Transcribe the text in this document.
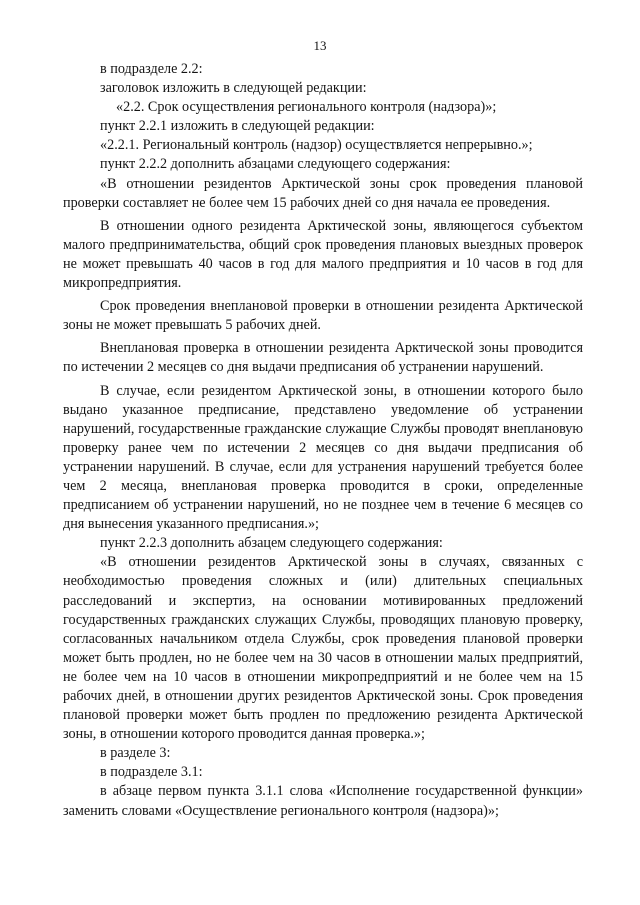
13

в подразделе 2.2:

заголовок изложить в следующей редакции:

«2.2. Срок осуществления регионального контроля (надзора)»;

пункт 2.2.1 изложить в следующей редакции:

«2.2.1. Региональный контроль (надзор) осуществляется непрерывно.»;

пункт 2.2.2 дополнить абзацами следующего содержания:

«В отношении резидентов Арктической зоны срок проведения плановой проверки составляет не более чем 15 рабочих дней со дня начала ее проведения.

В отношении одного резидента Арктической зоны, являющегося субъектом малого предпринимательства, общий срок проведения плановых выездных проверок не может превышать 40 часов в год для малого предприятия и 10 часов в год для микропредприятия.

Срок проведения внеплановой проверки в отношении резидента Арктической зоны не может превышать 5 рабочих дней.

Внеплановая проверка в отношении резидента Арктической зоны проводится по истечении 2 месяцев со дня выдачи предписания об устранении нарушений.

В случае, если резидентом Арктической зоны, в отношении которого было выдано указанное предписание, представлено уведомление об устранении нарушений, государственные гражданские служащие Службы проводят внеплановую проверку ранее чем по истечении 2 месяцев со дня выдачи предписания об устранении нарушений. В случае, если для устранения нарушений требуется более чем 2 месяца, внеплановая проверка проводится в сроки, определенные предписанием об устранении нарушений, но не позднее чем в течение 6 месяцев со дня вынесения указанного предписания.»;

пункт 2.2.3 дополнить абзацем следующего содержания:

«В отношении резидентов Арктической зоны в случаях, связанных с необходимостью проведения сложных и (или) длительных специальных расследований и экспертиз, на основании мотивированных предложений государственных гражданских служащих Службы, проводящих плановую проверку, согласованных начальником отдела Службы, срок проведения плановой проверки может быть продлен, но не более чем на 30 часов в отношении малых предприятий, не более чем на 10 часов в отношении микропредприятий и не более чем на 15 рабочих дней, в отношении других резидентов Арктической зоны. Срок проведения плановой проверки может быть продлен по предложению резидента Арктической зоны, в отношении которого проводится данная проверка.»;

в разделе 3:

в подразделе 3.1:

в абзаце первом пункта 3.1.1 слова «Исполнение государственной функции» заменить словами «Осуществление регионального контроля (надзора)»;
